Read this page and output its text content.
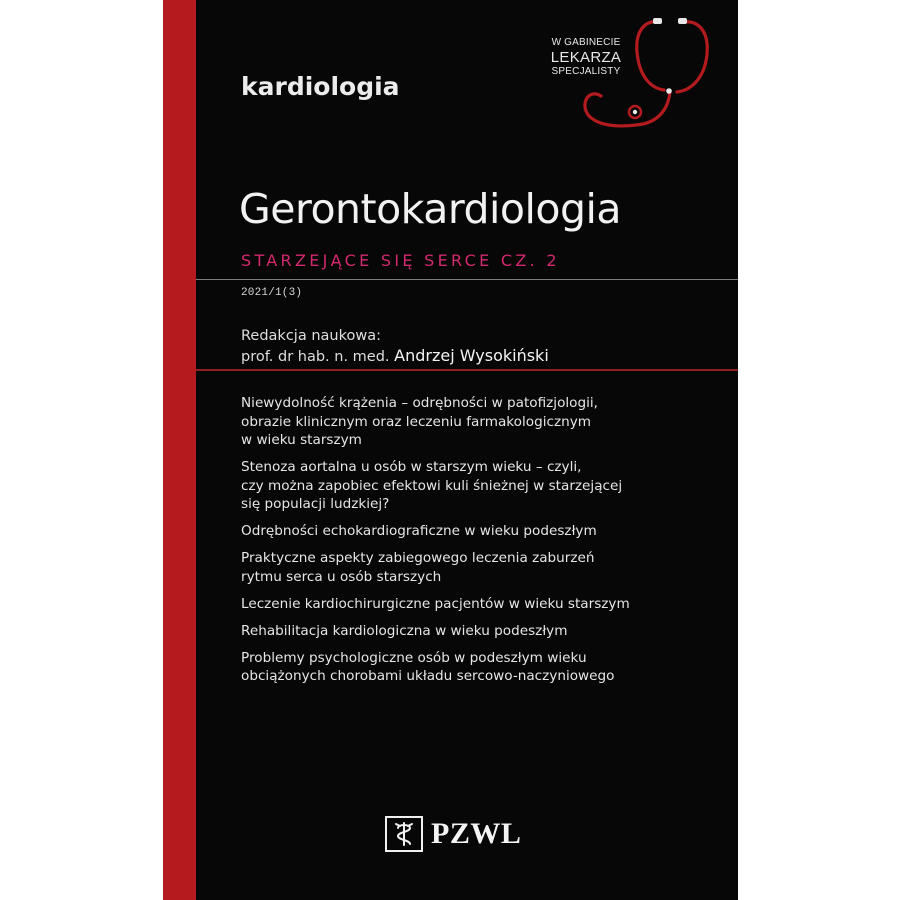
kardiologia
W GABINECIE
LEKARZA
SPECJALISTY
Gerontokardiologia
STARZEJĄCE SIĘ SERCE CZ. 2
2021/1(3)
Redakcja naukowa:
prof. dr hab. n. med. Andrzej Wysokiński
Niewydolność krążenia – odrębności w patofizjologii,
obrazie klinicznym oraz leczeniu farmakologicznym
w wieku starszym
Stenoza aortalna u osób w starszym wieku – czyli,
czy można zapobiec efektowi kuli śnieżnej w starzejącej
się populacji ludzkiej?
Odrębności echokardiograficzne w wieku podeszłym
Praktyczne aspekty zabiegowego leczenia zaburzeń
rytmu serca u osób starszych
Leczenie kardiochirurgiczne pacjentów w wieku starszym
Rehabilitacja kardiologiczna w wieku podeszłym
Problemy psychologiczne osób w podeszłym wieku
obciążonych chorobami układu sercowo-naczyniowego
PZWL
